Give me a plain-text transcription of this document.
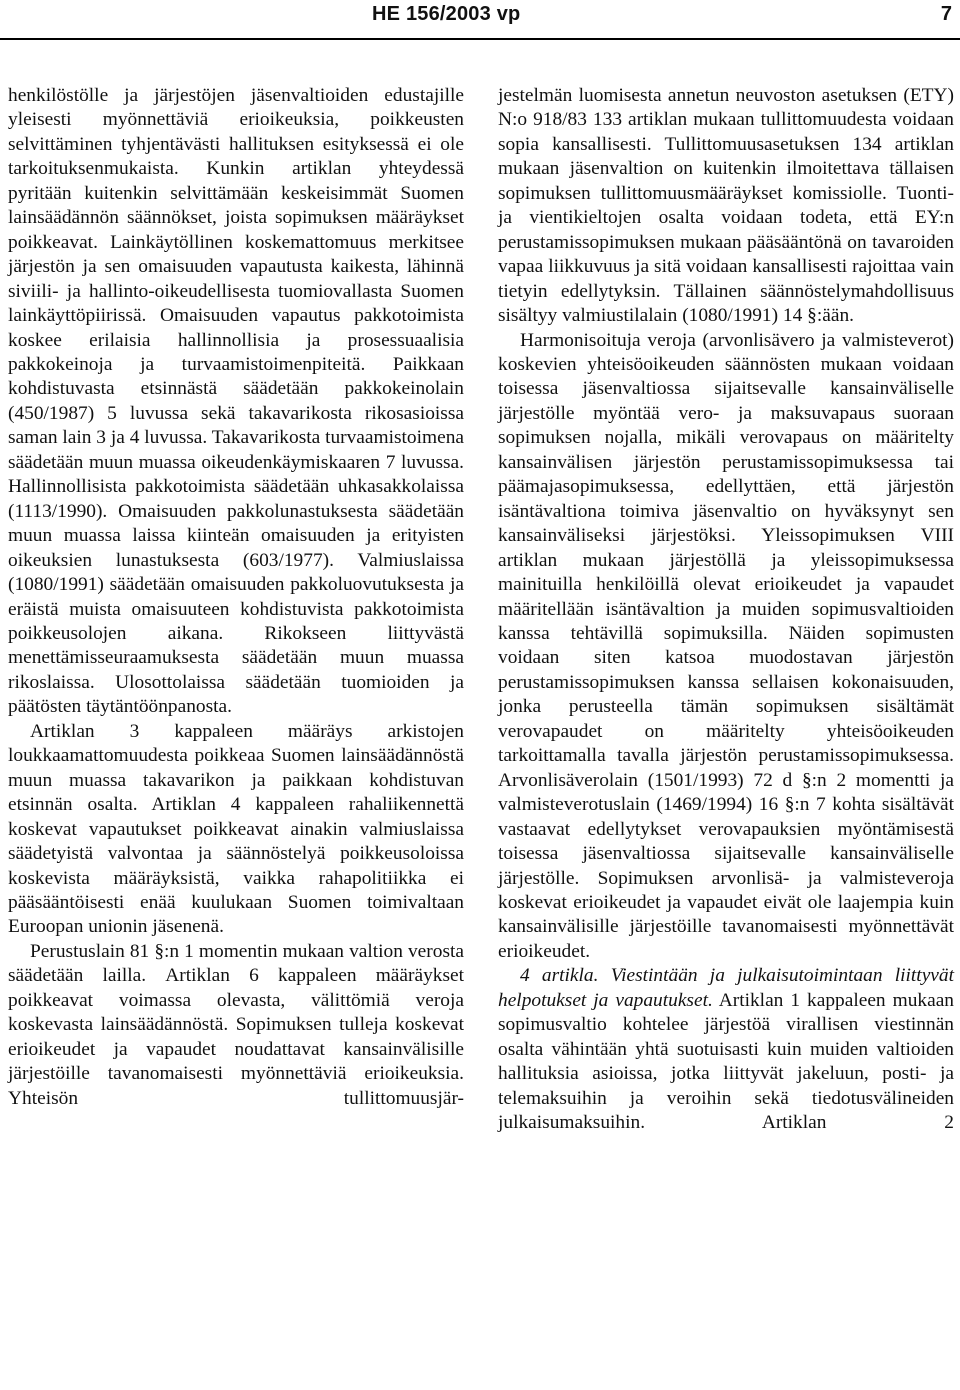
HE 156/2003 vp	7

henkilöstölle ja järjestöjen jäsenvaltioiden edustajille yleisesti myönnettäviä erioikeuksia, poikkeusten selvittäminen tyhjentävästi hallituksen esityksessä ei ole tarkoituksenmukaista. Kunkin artiklan yhteydessä pyritään kuitenkin selvittämään keskeisimmät Suomen lainsäädännön säännökset, joista sopimuksen määräykset poikkeavat. Lainkäytöllinen koskemattomuus merkitsee järjestön ja sen omaisuuden vapautusta kaikesta, lähinnä siviili- ja hallinto-oikeudellisesta tuomiovallasta Suomen lainkäyttöpiirissä. Omaisuuden vapautus pakkotoimista koskee erilaisia hallinnollisia ja prosessuaalisia pakkokeinoja ja turvaamistoimenpiteitä. Paikkaan kohdistuvasta etsinnästä säädetään pakkokeinolain (450/1987) 5 luvussa sekä takavarikosta rikosasioissa saman lain 3 ja 4 luvussa. Takavarikosta turvaamistoimena säädetään muun muassa oikeudenkäymiskaaren 7 luvussa. Hallinnollisista pakkotoimista säädetään uhkasakkolaissa (1113/1990). Omaisuuden pakkolunastuksesta säädetään muun muassa laissa kiinteän omaisuuden ja erityisten oikeuksien lunastuksesta (603/1977). Valmiuslaissa (1080/1991) säädetään omaisuuden pakkoluovutuksesta ja eräistä muista omaisuuteen kohdistuvista pakkotoimista poikkeusolojen aikana. Rikokseen liittyvästä menettämisseuraamuksesta säädetään muun muassa rikoslaissa. Ulosottolaissa säädetään tuomioiden ja päätösten täytäntöönpanosta.

Artiklan 3 kappaleen määräys arkistojen loukkaamattomuudesta poikkeaa Suomen lainsäädännöstä muun muassa takavarikon ja paikkaan kohdistuvan etsinnän osalta. Artiklan 4 kappaleen rahaliikennettä koskevat vapautukset poikkeavat ainakin valmiuslaissa säädetyistä valvontaa ja säännöstelyä poikkeusoloissa koskevista määräyksistä, vaikka rahapolitiikka ei pääsääntöisesti enää kuulukaan Suomen toimivaltaan Euroopan unionin jäsenenä.

Perustuslain 81 §:n 1 momentin mukaan valtion verosta säädetään laillа. Artiklan 6 kappaleen määräykset poikkeavat voimassa olevasta, välittömiä veroja koskevasta lainsäädännöstä. Sopimuksen tulleja koskevat erioikeudet ja vapaudet noudattavat kansainvälisille järjestöille tavanomaisesti myönnettäviä erioikeuksia. Yhteisön tullittomuusjär-

jestelmän luomisesta annetun neuvoston asetuksen (ETY) N:o 918/83 133 artiklan mukaan tullittomuudesta voidaan sopia kansallisesti. Tullittomuusasetuksen 134 artiklan mukaan jäsenvaltion on kuitenkin ilmoitettava tällaisen sopimuksen tullittomuusmääräykset komissiolle. Tuonti- ja vientikieltojen osalta voidaan todeta, että EY:n perustamissopimuksen mukaan pääsääntönä on tavaroiden vapaa liikkuvuus ja sitä voidaan kansallisesti rajoittaa vain tietyin edellytyksin. Tällainen säännöstelymahdollisuus sisältyy valmiustilalain (1080/1991) 14 §:ään.

Harmonisoituja veroja (arvonlisävero ja valmisteverot) koskevien yhteisöoikeuden säännösten mukaan voidaan toisessa jäsenvaltiossa sijaitsevalle kansainväliselle järjestölle myöntää vero- ja maksuvapaus suoraan sopimuksen nojalla, mikäli verovapaus on määritelty kansainvälisen järjestön perustamissopimuksessa tai päämajasopimuksessa, edellyttäen, että järjestön isäntävaltiona toimiva jäsenvaltio on hyväksynyt sen kansainväliseksi järjestöksi. Yleissopimuksen VIII artiklan mukaan järjestöllä ja yleissopimuksessa mainituilla henkilöillä olevat erioikeudet ja vapaudet määritellään isäntävaltion ja muiden sopimusvaltioiden kanssa tehtävillä sopimuksilla. Näiden sopimusten voidaan siten katsoa muodostavan järjestön perustamissopimuksen kanssa sellaisen kokonaisuuden, jonka perusteella tämän sopimuksen sisältämät verovapaudet on määritelty yhteisöoikeuden tarkoittamalla tavalla järjestön perustamissopimuksessa. Arvonlisäverolain (1501/1993) 72 d §:n 2 momentti ja valmisteverotuslain (1469/1994) 16 §:n 7 kohta sisältävät vastaavat edellytykset verovapauksien myöntämisestä toisessa jäsenvaltiossa sijaitsevalle kansainväliselle järjestölle. Sopimuksen arvonlisä- ja valmisteveroja koskevat erioikeudet ja vapaudet eivät ole laajempia kuin kansainvälisille järjestöille tavanomaisesti myönnettävät erioikeudet.

4 artikla. Viestintään ja julkaisutoimintaan liittyvät helpotukset ja vapautukset. Artiklan 1 kappaleen mukaan sopimusvaltio kohtelee järjestöä virallisen viestinnän osalta vähintään yhtä suotuisasti kuin muiden valtioiden hallituksia asioissa, jotka liittyvät jakeluun, posti- ja telemaksuihin ja veroihin sekä tiedotusvälineiden julkaisumaksuihin. Artiklan 2
